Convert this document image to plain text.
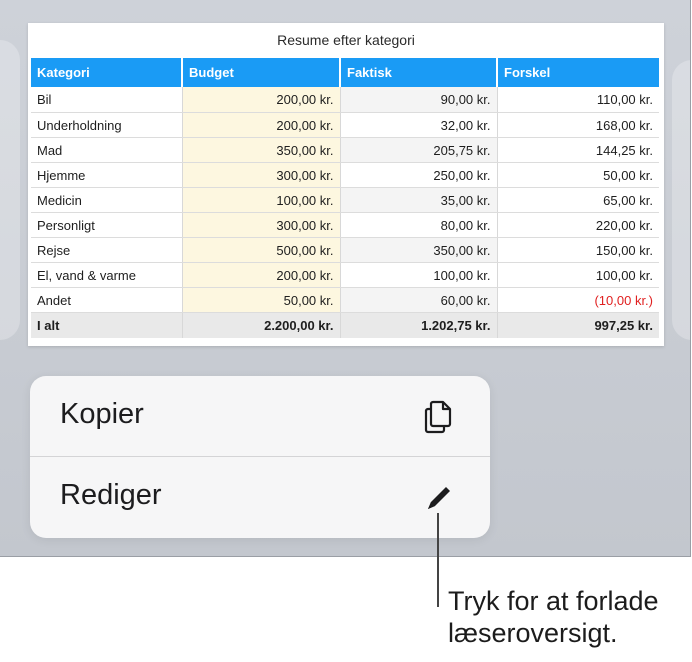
Resume efter kategori
Kategori	Budget	Faktisk	Forskel
Bil	200,00 kr.	90,00 kr.	110,00 kr.
Underholdning	200,00 kr.	32,00 kr.	168,00 kr.
Mad	350,00 kr.	205,75 kr.	144,25 kr.
Hjemme	300,00 kr.	250,00 kr.	50,00 kr.
Medicin	100,00 kr.	35,00 kr.	65,00 kr.
Personligt	300,00 kr.	80,00 kr.	220,00 kr.
Rejse	500,00 kr.	350,00 kr.	150,00 kr.
El, vand & varme	200,00 kr.	100,00 kr.	100,00 kr.
Andet	50,00 kr.	60,00 kr.	(10,00 kr.)
I alt	2.200,00 kr.	1.202,75 kr.	997,25 kr.
Kopier
Rediger
Tryk for at forlade
læseroversigt.
